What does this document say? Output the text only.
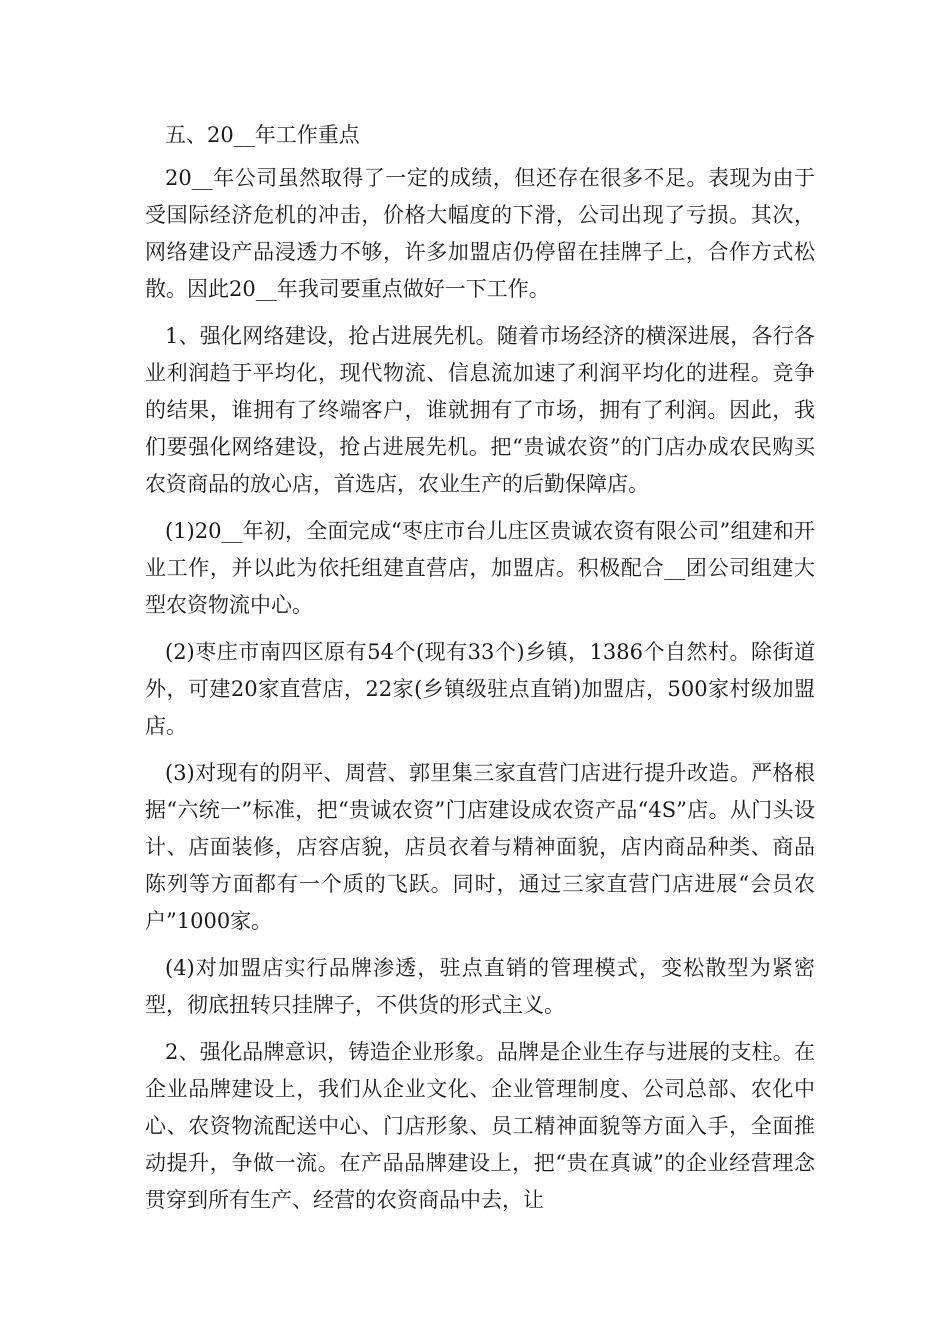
五、20__年工作重点

20__年公司虽然取得了一定的成绩，但还存在很多不足。表现为由于受国际经济危机的冲击，价格大幅度的下滑，公司出现了亏损。其次，网络建设产品浸透力不够，许多加盟店仍停留在挂牌子上，合作方式松散。因此20__年我司要重点做好一下工作。

1、强化网络建设，抢占进展先机。随着市场经济的横深进展，各行各业利润趋于平均化，现代物流、信息流加速了利润平均化的进程。竞争的结果，谁拥有了终端客户，谁就拥有了市场，拥有了利润。因此，我们要强化网络建设，抢占进展先机。把“贵诚农资”的门店办成农民购买农资商品的放心店，首选店，农业生产的后勤保障店。

(1)20__年初，全面完成“枣庄市台儿庄区贵诚农资有限公司”组建和开业工作，并以此为依托组建直营店，加盟店。积极配合__团公司组建大型农资物流中心。

(2)枣庄市南四区原有54个(现有33个)乡镇，1386个自然村。除街道外，可建20家直营店，22家(乡镇级驻点直销)加盟店，500家村级加盟店。

(3)对现有的阴平、周营、郭里集三家直营门店进行提升改造。严格根据“六统一”标准，把“贵诚农资”门店建设成农资产品“4S”店。从门头设计、店面装修，店容店貌，店员衣着与精神面貌，店内商品种类、商品陈列等方面都有一个质的飞跃。同时，通过三家直营门店进展“会员农户”1000家。

(4)对加盟店实行品牌渗透，驻点直销的管理模式，变松散型为紧密型，彻底扭转只挂牌子，不供货的形式主义。

2、强化品牌意识，铸造企业形象。品牌是企业生存与进展的支柱。在企业品牌建设上，我们从企业文化、企业管理制度、公司总部、农化中心、农资物流配送中心、门店形象、员工精神面貌等方面入手，全面推动提升，争做一流。在产品品牌建设上，把“贵在真诚”的企业经营理念贯穿到所有生产、经营的农资商品中去，让
